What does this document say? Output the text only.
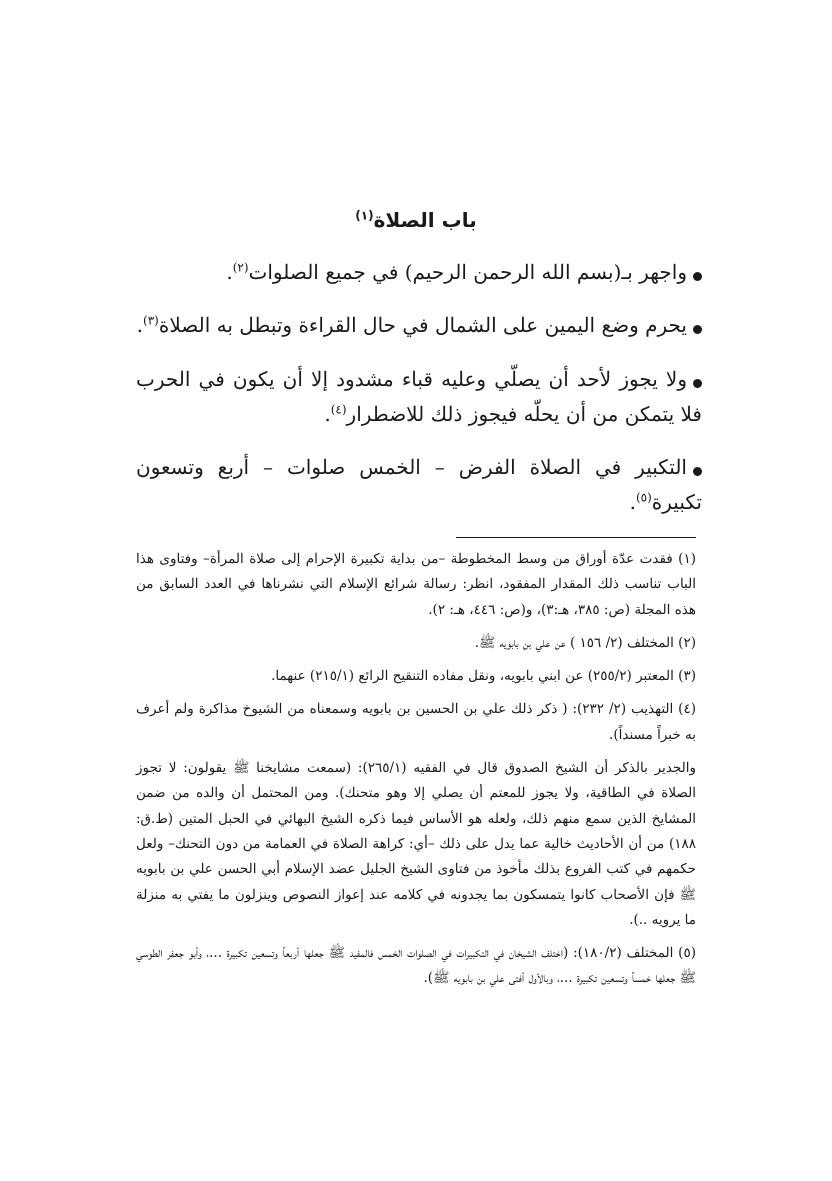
باب الصلاة$^{(١)}$
واجهر بـ(بسم الله الرحمن الرحيم) في جميع الصلوات$^{(٢)}$.
يحرم وضع اليمين على الشمال في حال القراءة وتبطل به الصلاة$^{(٣)}$.
ولا يجوز لأحد أن يصلّي وعليه قباء مشدود إلا أن يكون في الحرب فلا يتمكن من أن يحلّه فيجوز ذلك للاضطرار$^{(٤)}$.
التكبير في الصلاة الفرض – الخمس صلوات – أربع وتسعون تكبيرة$^{(٥)}$.

(١) فقدت عدّة أوراق من وسط المخطوطة –من بداية تكبيرة الإحرام إلى صلاة المرأة– وفتاوى هذا الباب تناسب ذلك المقدار المفقود، انظر: رسالة شرائع الإسلام التي نشرناها في العدد السابق من هذه المجلة (ص: ٣٨٥، هـ:٣)، و(ص: ٤٤٦، هـ: ٢).

(٢) المختلف (٢/ ١٥٦ ) عن علي بن بابويه ﷺ.

(٣) المعتبر (٢٥٥/٢) عن ابني بابويه، ونقل مفاده التنقيح الرائع (٢١٥/١) عنهما.

(٤) التهذيب (٢/ ٢٣٢): ( ذكر ذلك علي بن الحسين بن بابويه وسمعناه من الشيوخ مذاكرة ولم أعرف به خبراً مسنداً).

والجدير بالذكر أن الشيخ الصدوق قال في الفقيه (٢٦٥/١): (سمعت مشايخنا ﷺ يقولون: لا تجوز الصلاة في الطاقية، ولا يجوز للمعتم أن يصلي إلا وهو متحنك). ومن المحتمل أن والده من ضمن المشايخ الذين سمع منهم ذلك، ولعله هو الأساس فيما ذكره الشيخ البهائي في الحبل المتين (ط.ق: ١٨٨) من أن الأحاديث خالية عما يدل على ذلك –أي: كراهة الصلاة في العمامة من دون التحنك– ولعل حكمهم في كتب الفروع بذلك مأخوذ من فتاوى الشيخ الجليل عضد الإسلام أبي الحسن علي بن بابويه ﷺ فإن الأصحاب كانوا يتمسكون بما يجدونه في كلامه عند إعواز النصوص وينزلون ما يفتي به منزلة ما يرويه ..).

(٥) المختلف (١٨٠/٢): (اختلف الشيخان في التكبيرات في الصلوات الخمس فالمفيد ﷺ جعلها أربعاً وتسعين تكبيرة ...، وأبو جعفر الطوسي ﷺ جعلها خمساً وتسعين تكبيرة ...، وبالأول أفتى علي بن بابويه ﷺ).
